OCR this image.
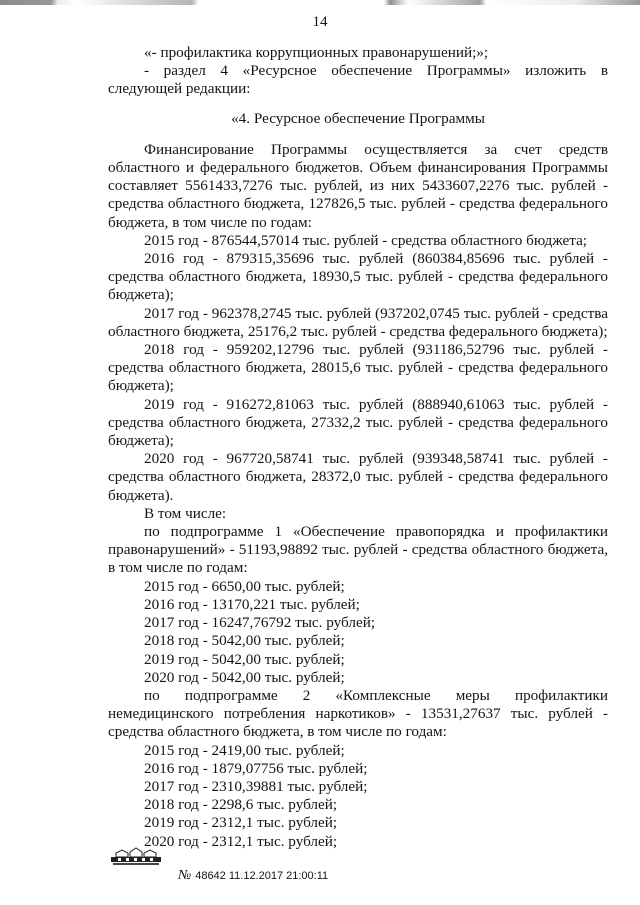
14

«- профилактика коррупционных правонарушений;»;

- раздел 4 «Ресурсное обеспечение Программы» изложить в следующей редакции:

«4. Ресурсное обеспечение Программы

Финансирование Программы осуществляется за счет средств областного и федерального бюджетов. Объем финансирования Программы составляет 5561433,7276 тыс. рублей, из них 5433607,2276 тыс. рублей - средства областного бюджета, 127826,5 тыс. рублей - средства федерального бюджета, в том числе по годам:

2015 год - 876544,57014 тыс. рублей - средства областного бюджета;

2016 год - 879315,35696 тыс. рублей (860384,85696 тыс. рублей - средства областного бюджета, 18930,5 тыс. рублей - средства федерального бюджета);

2017 год - 962378,2745 тыс. рублей (937202,0745 тыс. рублей - средства областного бюджета, 25176,2 тыс. рублей - средства федерального бюджета);

2018 год - 959202,12796 тыс. рублей (931186,52796 тыс. рублей - средства областного бюджета, 28015,6 тыс. рублей - средства федерального бюджета);

2019 год - 916272,81063 тыс. рублей (888940,61063 тыс. рублей - средства областного бюджета, 27332,2 тыс. рублей - средства федерального бюджета);

2020 год - 967720,58741 тыс. рублей (939348,58741 тыс. рублей - средства областного бюджета, 28372,0 тыс. рублей - средства федерального бюджета).

В том числе:

по подпрограмме 1 «Обеспечение правопорядка и профилактики правонарушений» - 51193,98892 тыс. рублей - средства областного бюджета, в том числе по годам:

2015 год - 6650,00 тыс. рублей;

2016 год - 13170,221 тыс. рублей;

2017 год - 16247,76792 тыс. рублей;

2018 год - 5042,00 тыс. рублей;

2019 год - 5042,00 тыс. рублей;

2020 год - 5042,00 тыс. рублей;

по подпрограмме 2 «Комплексные меры профилактики немедицинского потребления наркотиков» - 13531,27637 тыс. рублей - средства областного бюджета, в том числе по годам:

2015 год - 2419,00 тыс. рублей;

2016 год - 1879,07756 тыс. рублей;

2017 год - 2310,39881 тыс. рублей;

2018 год - 2298,6 тыс. рублей;

2019 год - 2312,1 тыс. рублей;

2020 год - 2312,1 тыс. рублей;

№ 48642 11.12.2017 21:00:11
